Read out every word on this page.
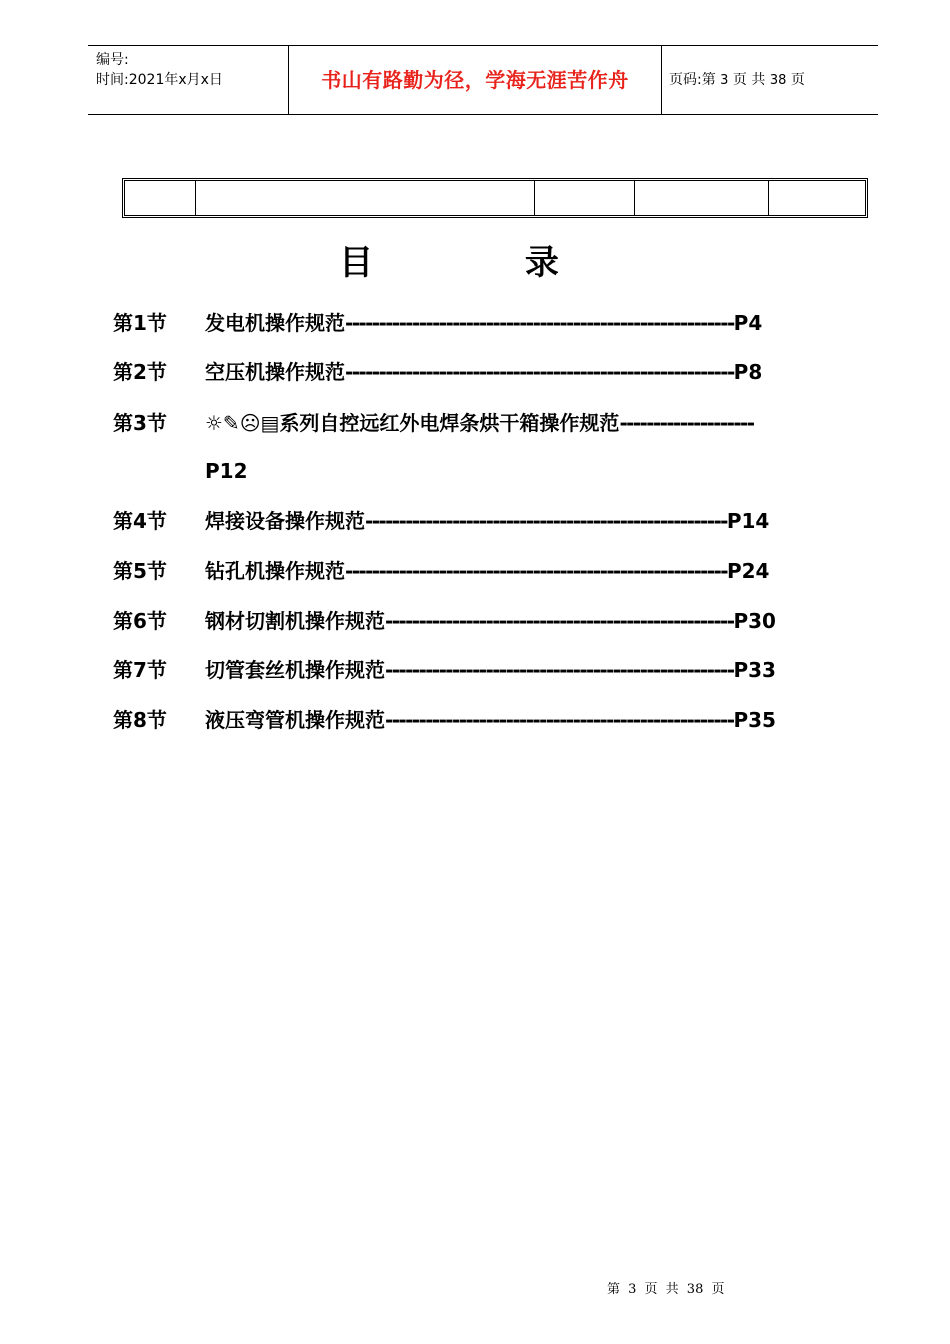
编号:
时间:2021年x月x日	书山有路勤为径，学海无涯苦作舟	页码:第 3 页 共 38 页
目 录
第1节 发电机操作规范----------------------------------------------------------P4
第2节 空压机操作规范----------------------------------------------------------P8
第3节 ☼✎☹▤系列自控远红外电焊条烘干箱操作规范--------------------
P12
第4节 焊接设备操作规范------------------------------------------------------P14
第5节 钻孔机操作规范---------------------------------------------------------P24
第6节 钢材切割机操作规范----------------------------------------------------P30
第7节 切管套丝机操作规范----------------------------------------------------P33
第8节 液压弯管机操作规范----------------------------------------------------P35
第 3 页 共 38 页
